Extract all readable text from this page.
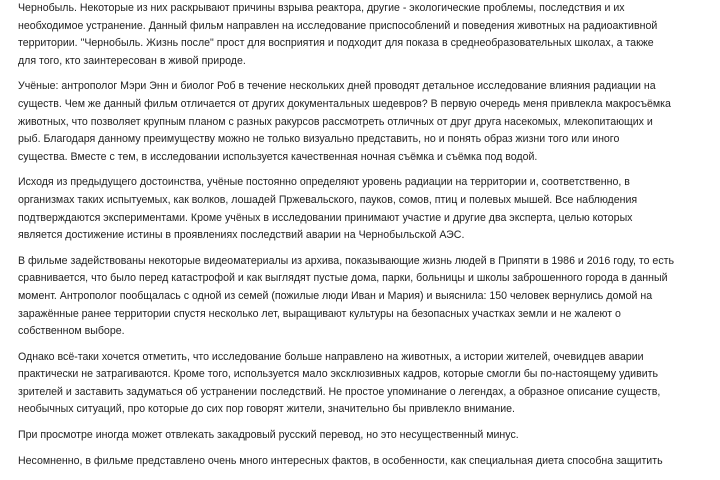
Чернобыль. Некоторые из них раскрывают причины взрыва реактора, другие - экологические проблемы, последствия и их
необходимое устранение. Данный фильм направлен на исследование приспособлений и поведения животных на радиоактивной
территории. "Чернобыль. Жизнь после" прост для восприятия и подходит для показа в среднеобразовательных школах, а также
для того, кто заинтересован в живой природе.

Учёные: антрополог Мэри Энн и биолог Роб в течение нескольких дней проводят детальное исследование влияния радиации на
существ. Чем же данный фильм отличается от других документальных шедевров? В первую очередь меня привлекла макросъёмка
животных, что позволяет крупным планом с разных ракурсов рассмотреть отличных от друг друга насекомых, млекопитающих и
рыб. Благодаря данному преимуществу можно не только визуально представить, но и понять образ жизни того или иного
существа. Вместе с тем, в исследовании используется качественная ночная съёмка и съёмка под водой.

Исходя из предыдущего достоинства, учёные постоянно определяют уровень радиации на территории и, соответственно, в
организмах таких испытуемых, как волков, лошадей Пржевальского, пауков, сомов, птиц и полевых мышей. Все наблюдения
подтверждаются экспериментами. Кроме учёных в исследовании принимают участие и другие два эксперта, целью которых
является достижение истины в проявлениях последствий аварии на Чернобыльской АЭС.

В фильме задействованы некоторые видеоматериалы из архива, показывающие жизнь людей в Припяти в 1986 и 2016 году, то есть
сравнивается, что было перед катастрофой и как выглядят пустые дома, парки, больницы и школы заброшенного города в данный
момент. Антрополог пообщалась с одной из семей (пожилые люди Иван и Мария) и выяснила: 150 человек вернулись домой на
заражённые ранее территории спустя несколько лет, выращивают культуры на безопасных участках земли и не жалеют о
собственном выборе.

Однако всё-таки хочется отметить, что исследование больше направлено на животных, а истории жителей, очевидцев аварии
практически не затрагиваются. Кроме того, используется мало эксклюзивных кадров, которые смогли бы по-настоящему удивить
зрителей и заставить задуматься об устранении последствий. Не простое упоминание о легендах, а образное описание существ,
необычных ситуаций, про которые до сих пор говорят жители, значительно бы привлекло внимание.

При просмотре иногда может отвлекать закадровый русский перевод, но это несущественный минус.

Несомненно, в фильме представлено очень много интересных фактов, в особенности, как специальная диета способна защитить
